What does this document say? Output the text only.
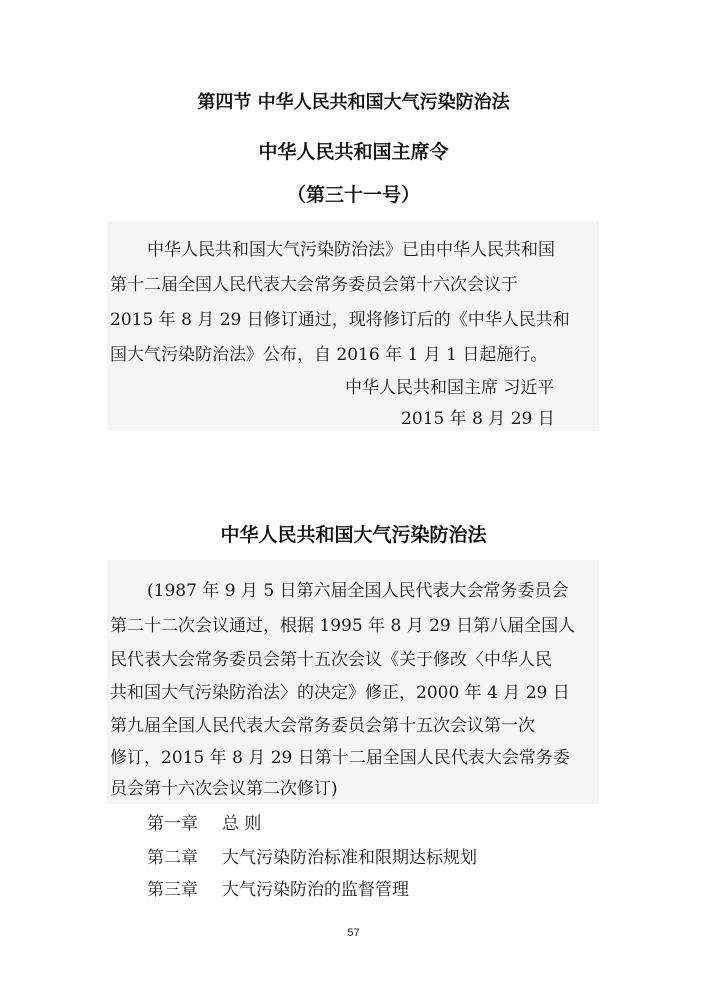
第四节 中华人民共和国大气污染防治法
中华人民共和国主席令
（第三十一号）
中华人民共和国大气污染防治法》已由中华人民共和国
第十二届全国人民代表大会常务委员会第十六次会议于
2015 年 8 月 29 日修订通过，现将修订后的《中华人民共和
国大气污染防治法》公布，自 2016 年 1 月 1 日起施行。
中华人民共和国主席 习近平
2015 年 8 月 29 日
中华人民共和国大气污染防治法
(1987 年 9 月 5 日第六届全国人民代表大会常务委员会
第二十二次会议通过，根据 1995 年 8 月 29 日第八届全国人
民代表大会常务委员会第十五次会议《关于修改〈中华人民
共和国大气污染防治法〉的决定》修正，2000 年 4 月 29 日
第九届全国人民代表大会常务委员会第十五次会议第一次
修订，2015 年 8 月 29 日第十二届全国人民代表大会常务委
员会第十六次会议第二次修订)
第一章 总 则
第二章 大气污染防治标准和限期达标规划
第三章 大气污染防治的监督管理
57
